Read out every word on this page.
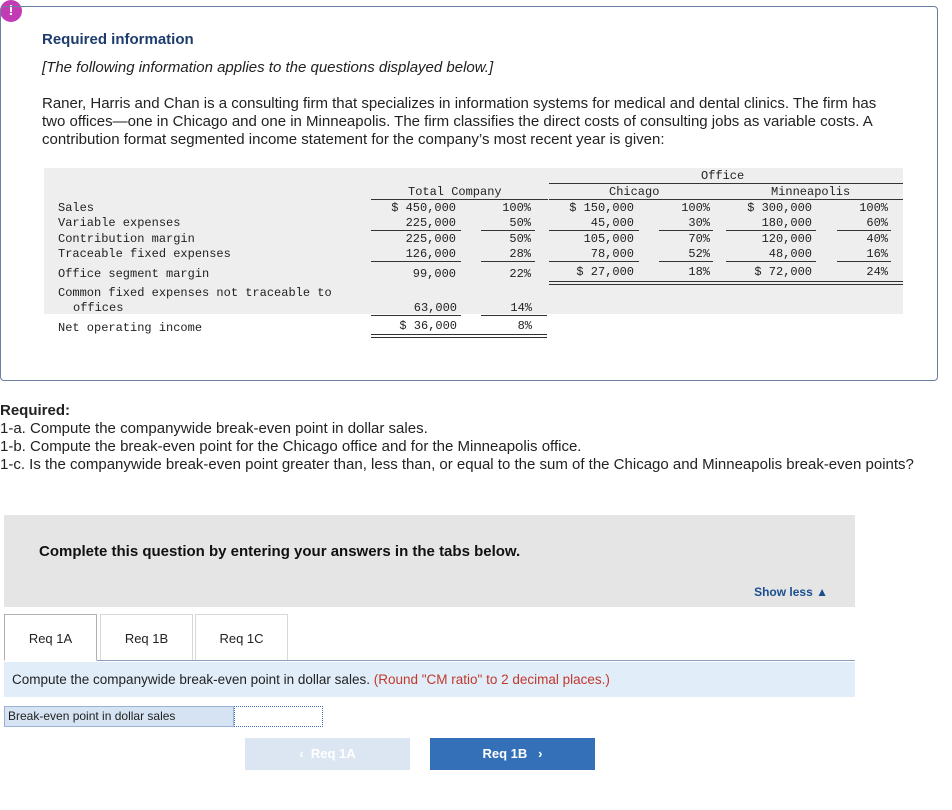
!
Required information
[The following information applies to the questions displayed below.]
Raner, Harris and Chan is a consulting firm that specializes in information systems for medical and dental clinics. The firm has two offices—one in Chicago and one in Minneapolis. The firm classifies the direct costs of consulting jobs as variable costs. A contribution format segmented income statement for the company’s most recent year is given:
Office
Total Company	Chicago	Minneapolis
Sales	$ 450,000	100%	$ 150,000	100%	$ 300,000	100%
Variable expenses	225,000	50%	45,000	30%	180,000	60%
Contribution margin	225,000	50%	105,000	70%	120,000	40%
Traceable fixed expenses	126,000	28%	78,000	52%	48,000	16%
Office segment margin	99,000	22%	$ 27,000	18%	$ 72,000	24%
Common fixed expenses not traceable to
offices	63,000	14%
Net operating income	$ 36,000	8%
Required:
1-a. Compute the companywide break-even point in dollar sales.
1-b. Compute the break-even point for the Chicago office and for the Minneapolis office.
1-c. Is the companywide break-even point greater than, less than, or equal to the sum of the Chicago and Minneapolis break-even points?
Complete this question by entering your answers in the tabs below.
Show less ▲
Req 1A	Req 1B	Req 1C
Compute the companywide break-even point in dollar sales. (Round "CM ratio" to 2 decimal places.)
Break-even point in dollar sales
‹ Req 1A	Req 1B ›
